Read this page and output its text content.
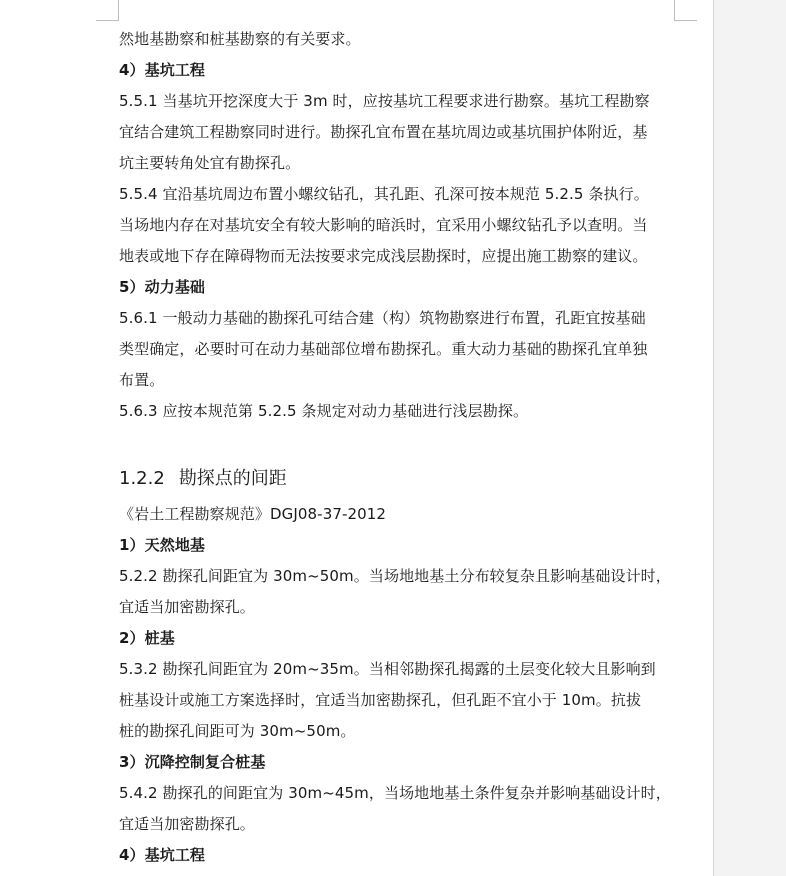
然地基勘察和桩基勘察的有关要求。
4）基坑工程
5.5.1 当基坑开挖深度大于 3m 时，应按基坑工程要求进行勘察。基坑工程勘察
宜结合建筑工程勘察同时进行。勘探孔宜布置在基坑周边或基坑围护体附近，基
坑主要转角处宜有勘探孔。
5.5.4 宜沿基坑周边布置小螺纹钻孔，其孔距、孔深可按本规范 5.2.5 条执行。
当场地内存在对基坑安全有较大影响的暗浜时，宜采用小螺纹钻孔予以查明。当
地表或地下存在障碍物而无法按要求完成浅层勘探时，应提出施工勘察的建议。
5）动力基础
5.6.1 一般动力基础的勘探孔可结合建（构）筑物勘察进行布置，孔距宜按基础
类型确定，必要时可在动力基础部位增布勘探孔。重大动力基础的勘探孔宜单独
布置。
5.6.3 应按本规范第 5.2.5 条规定对动力基础进行浅层勘探。
1.2.2 勘探点的间距
《岩土工程勘察规范》DGJ08-37-2012
1）天然地基
5.2.2 勘探孔间距宜为 30m~50m。当场地地基土分布较复杂且影响基础设计时，
宜适当加密勘探孔。
2）桩基
5.3.2 勘探孔间距宜为 20m~35m。当相邻勘探孔揭露的土层变化较大且影响到
桩基设计或施工方案选择时，宜适当加密勘探孔，但孔距不宜小于 10m。抗拔
桩的勘探孔间距可为 30m~50m。
3）沉降控制复合桩基
5.4.2 勘探孔的间距宜为 30m~45m，当场地地基土条件复杂并影响基础设计时，
宜适当加密勘探孔。
4）基坑工程
